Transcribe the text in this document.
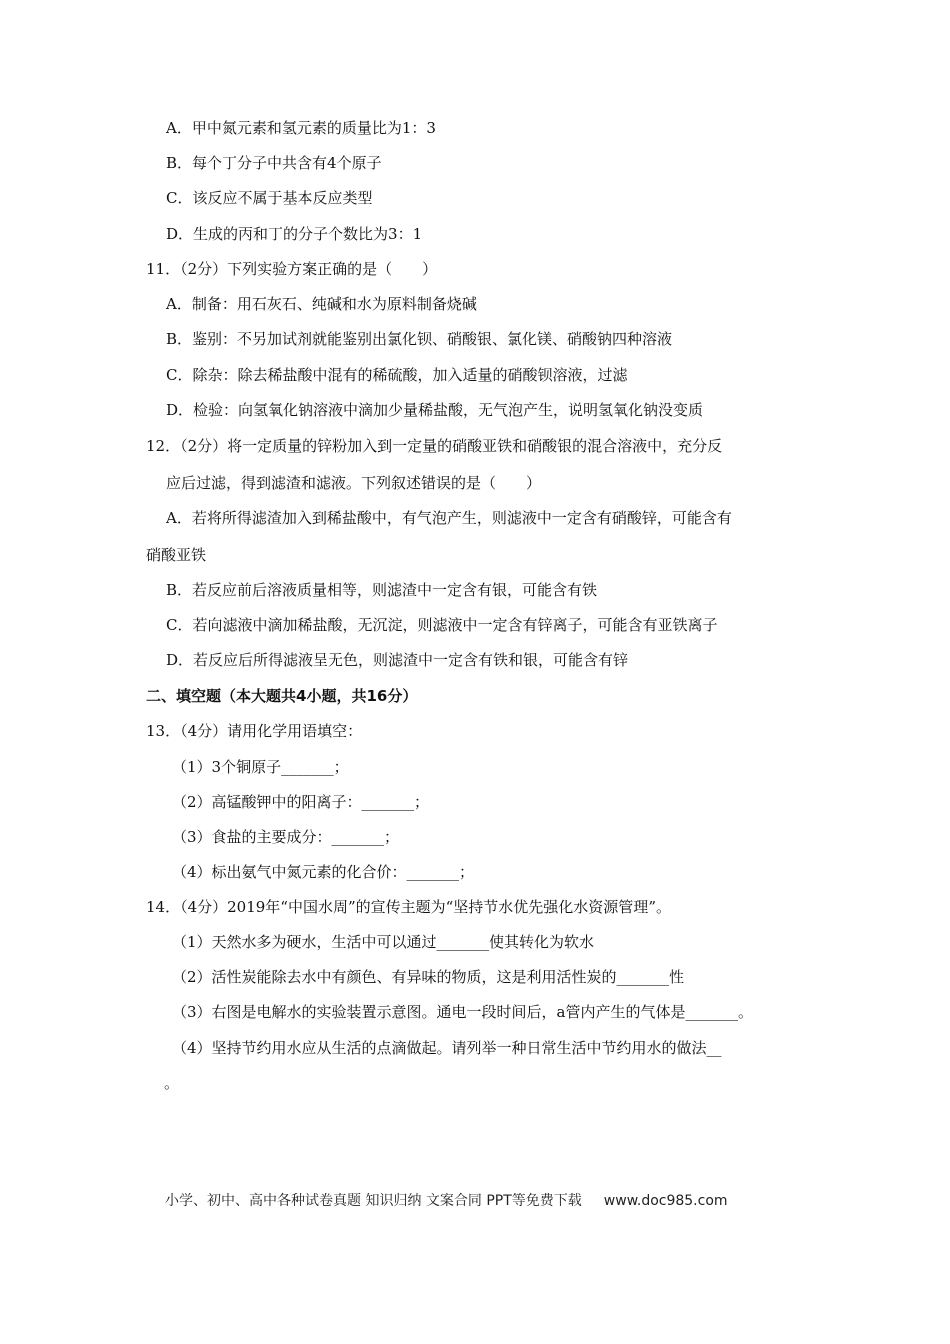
A．甲中氮元素和氢元素的质量比为1：3
B．每个丁分子中共含有4个原子
C．该反应不属于基本反应类型
D．生成的丙和丁的分子个数比为3：1
11．（2分）下列实验方案正确的是（　　）
A．制备：用石灰石、纯碱和水为原料制备烧碱
B．鉴别：不另加试剂就能鉴别出氯化钡、硝酸银、氯化镁、硝酸钠四种溶液
C．除杂：除去稀盐酸中混有的稀硫酸，加入适量的硝酸钡溶液，过滤
D．检验：向氢氧化钠溶液中滴加少量稀盐酸，无气泡产生，说明氢氧化钠没变质
12．（2分）将一定质量的锌粉加入到一定量的硝酸亚铁和硝酸银的混合溶液中，充分反
应后过滤，得到滤渣和滤液。下列叙述错误的是（　　）
A．若将所得滤渣加入到稀盐酸中，有气泡产生，则滤液中一定含有硝酸锌，可能含有
硝酸亚铁
B．若反应前后溶液质量相等，则滤渣中一定含有银，可能含有铁
C．若向滤液中滴加稀盐酸，无沉淀，则滤液中一定含有锌离子，可能含有亚铁离子
D．若反应后所得滤液呈无色，则滤渣中一定含有铁和银，可能含有锌
二、填空题（本大题共4小题，共16分）
13．（4分）请用化学用语填空：
（1）3个铜原子_______；
（2）高锰酸钾中的阳离子：_______；
（3）食盐的主要成分：_______；
（4）标出氨气中氮元素的化合价：_______；
14．（4分）2019年“中国水周”的宣传主题为“坚持节水优先强化水资源管理”。
（1）天然水多为硬水，生活中可以通过_______使其转化为软水
（2）活性炭能除去水中有颜色、有异味的物质，这是利用活性炭的_______性
（3）右图是电解水的实验装置示意图。通电一段时间后，a管内产生的气体是_______。
（4）坚持节约用水应从生活的点滴做起。请列举一种日常生活中节约用水的做法__
。
小学、初中、高中各种试卷真题 知识归纳 文案合同 PPT等免费下载 www.doc985.com
